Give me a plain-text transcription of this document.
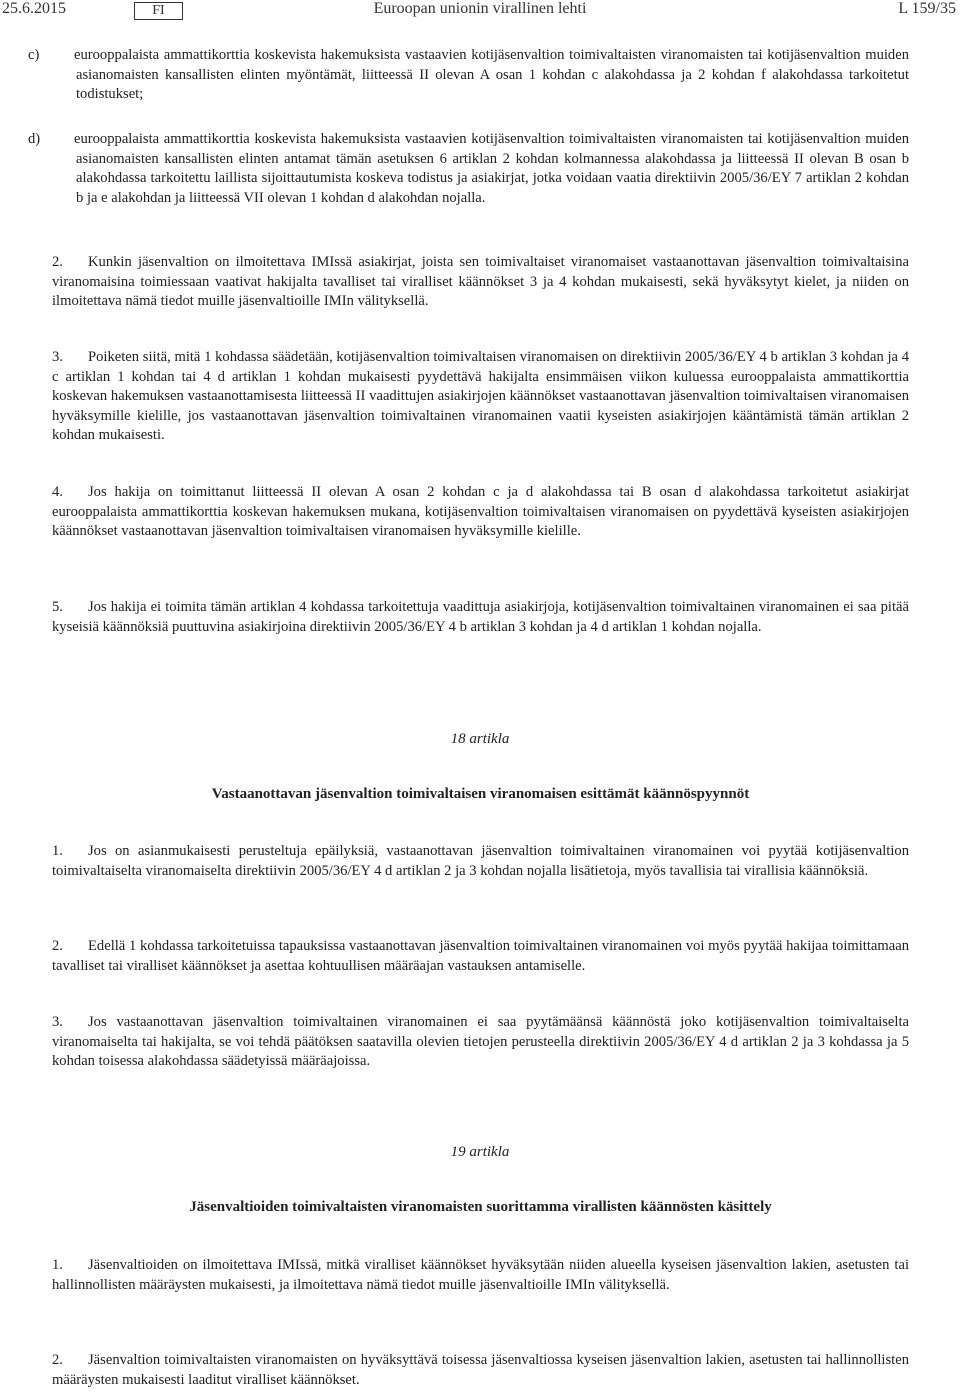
25.6.2015	FI	Euroopan unionin virallinen lehti	L 159/35

c) eurooppalaista ammattikorttia koskevista hakemuksista vastaavien kotijäsenvaltion toimivaltaisten viranomaisten tai kotijäsenvaltion muiden asianomaisten kansallisten elinten myöntämät, liitteessä II olevan A osan 1 kohdan c alakohdassa ja 2 kohdan f alakohdassa tarkoitetut todistukset;

d) eurooppalaista ammattikorttia koskevista hakemuksista vastaavien kotijäsenvaltion toimivaltaisten viranomaisten tai kotijäsenvaltion muiden asianomaisten kansallisten elinten antamat tämän asetuksen 6 artiklan 2 kohdan kolmannessa alakohdassa ja liitteessä II olevan B osan b alakohdassa tarkoitettu laillista sijoittautumista koskeva todistus ja asiakirjat, jotka voidaan vaatia direktiivin 2005/36/EY 7 artiklan 2 kohdan b ja e alakohdan ja liitteessä VII olevan 1 kohdan d alakohdan nojalla.

2. Kunkin jäsenvaltion on ilmoitettava IMIssä asiakirjat, joista sen toimivaltaiset viranomaiset vastaanottavan jäsenvaltion toimivaltaisina viranomaisina toimiessaan vaativat hakijalta tavalliset tai viralliset käännökset 3 ja 4 kohdan mukaisesti, sekä hyväksytyt kielet, ja niiden on ilmoitettava nämä tiedot muille jäsenvaltioille IMIn välityksellä.

3. Poiketen siitä, mitä 1 kohdassa säädetään, kotijäsenvaltion toimivaltaisen viranomaisen on direktiivin 2005/36/EY 4 b artiklan 3 kohdan ja 4 c artiklan 1 kohdan tai 4 d artiklan 1 kohdan mukaisesti pyydettävä hakijalta ensimmäisen viikon kuluessa eurooppalaista ammattikorttia koskevan hakemuksen vastaanottamisesta liitteessä II vaadittujen asiakirjojen käännökset vastaanottavan jäsenvaltion toimivaltaisen viranomaisen hyväksymille kielille, jos vastaanottavan jäsenvaltion toimivaltainen viranomainen vaatii kyseisten asiakirjojen kääntämistä tämän artiklan 2 kohdan mukaisesti.

4. Jos hakija on toimittanut liitteessä II olevan A osan 2 kohdan c ja d alakohdassa tai B osan d alakohdassa tarkoitetut asiakirjat eurooppalaista ammattikorttia koskevan hakemuksen mukana, kotijäsenvaltion toimivaltaisen viranomaisen on pyydettävä kyseisten asiakirjojen käännökset vastaanottavan jäsenvaltion toimivaltaisen viranomaisen hyväksymille kielille.

5. Jos hakija ei toimita tämän artiklan 4 kohdassa tarkoitettuja vaadittuja asiakirjoja, kotijäsenvaltion toimivaltainen viranomainen ei saa pitää kyseisiä käännöksiä puuttuvina asiakirjoina direktiivin 2005/36/EY 4 b artiklan 3 kohdan ja 4 d artiklan 1 kohdan nojalla.

18 artikla

Vastaanottavan jäsenvaltion toimivaltaisen viranomaisen esittämät käännöspyynnöt

1. Jos on asianmukaisesti perusteltuja epäilyksiä, vastaanottavan jäsenvaltion toimivaltainen viranomainen voi pyytää kotijäsenvaltion toimivaltaiselta viranomaiselta direktiivin 2005/36/EY 4 d artiklan 2 ja 3 kohdan nojalla lisätietoja, myös tavallisia tai virallisia käännöksiä.

2. Edellä 1 kohdassa tarkoitetuissa tapauksissa vastaanottavan jäsenvaltion toimivaltainen viranomainen voi myös pyytää hakijaa toimittamaan tavalliset tai viralliset käännökset ja asettaa kohtuullisen määräajan vastauksen antamiselle.

3. Jos vastaanottavan jäsenvaltion toimivaltainen viranomainen ei saa pyytämäänsä käännöstä joko kotijäsenvaltion toimivaltaiselta viranomaiselta tai hakijalta, se voi tehdä päätöksen saatavilla olevien tietojen perusteella direktiivin 2005/36/EY 4 d artiklan 2 ja 3 kohdassa ja 5 kohdan toisessa alakohdassa säädetyissä määräajoissa.

19 artikla

Jäsenvaltioiden toimivaltaisten viranomaisten suorittamma virallisten käännösten käsittely

1. Jäsenvaltioiden on ilmoitettava IMIssä, mitkä viralliset käännökset hyväksytään niiden alueella kyseisen jäsenvaltion lakien, asetusten tai hallinnollisten määräysten mukaisesti, ja ilmoitettava nämä tiedot muille jäsenvaltioille IMIn välityksellä.

2. Jäsenvaltion toimivaltaisten viranomaisten on hyväksyttävä toisessa jäsenvaltiossa kyseisen jäsenvaltion lakien, asetusten tai hallinnollisten määräysten mukaisesti laaditut viralliset käännökset.
